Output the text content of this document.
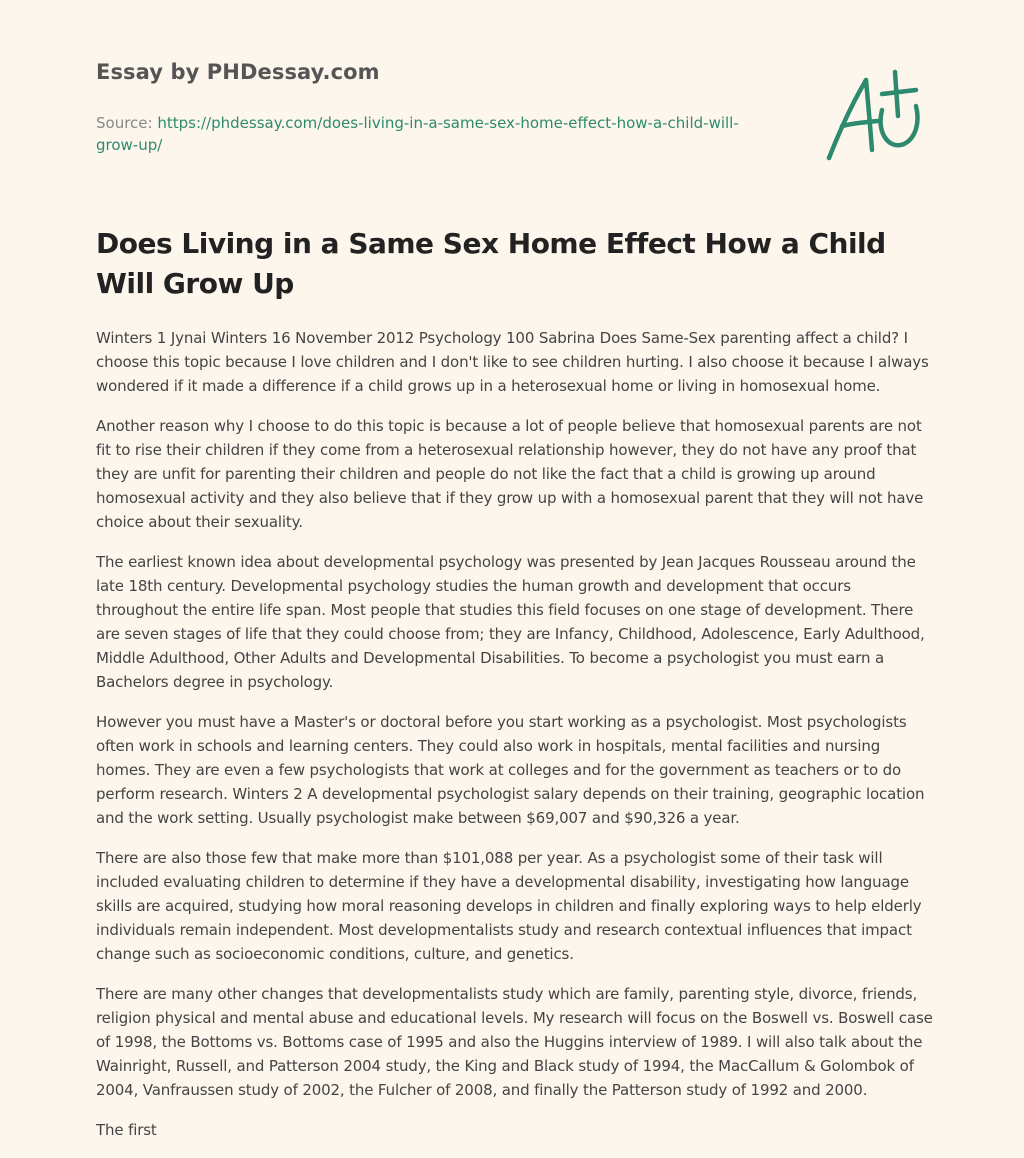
Essay by PHDessay.com
Source: https://phdessay.com/does-living-in-a-same-sex-home-effect-how-a-child-will-grow-up/
Does Living in a Same Sex Home Effect How a Child Will Grow Up

Winters 1 Jynai Winters 16 November 2012 Psychology 100 Sabrina Does Same-Sex parenting affect a child? I choose this topic because I love children and I don't like to see children hurting. I also choose it because I always wondered if it made a difference if a child grows up in a heterosexual home or living in homosexual home.

Another reason why I choose to do this topic is because a lot of people believe that homosexual parents are not fit to rise their children if they come from a heterosexual relationship however, they do not have any proof that they are unfit for parenting their children and people do not like the fact that a child is growing up around homosexual activity and they also believe that if they grow up with a homosexual parent that they will not have choice about their sexuality.

The earliest known idea about developmental psychology was presented by Jean Jacques Rousseau around the late 18th century. Developmental psychology studies the human growth and development that occurs throughout the entire life span. Most people that studies this field focuses on one stage of development. There are seven stages of life that they could choose from; they are Infancy, Childhood, Adolescence, Early Adulthood, Middle Adulthood, Other Adults and Developmental Disabilities. To become a psychologist you must earn a Bachelors degree in psychology.

However you must have a Master's or doctoral before you start working as a psychologist. Most psychologists often work in schools and learning centers. They could also work in hospitals, mental facilities and nursing homes. They are even a few psychologists that work at colleges and for the government as teachers or to do perform research. Winters 2 A developmental psychologist salary depends on their training, geographic location and the work setting. Usually psychologist make between $69,007 and $90,326 a year.

There are also those few that make more than $101,088 per year. As a psychologist some of their task will included evaluating children to determine if they have a developmental disability, investigating how language skills are acquired, studying how moral reasoning develops in children and finally exploring ways to help elderly individuals remain independent. Most developmentalists study and research contextual influences that impact change such as socioeconomic conditions, culture, and genetics.

There are many other changes that developmentalists study which are family, parenting style, divorce, friends, religion physical and mental abuse and educational levels. My research will focus on the Boswell vs. Boswell case of 1998, the Bottoms vs. Bottoms case of 1995 and also the Huggins interview of 1989. I will also talk about the Wainright, Russell, and Patterson 2004 study, the King and Black study of 1994, the MacCallum & Golombok of 2004, Vanfraussen study of 2002, the Fulcher of 2008, and finally the Patterson study of 1992 and 2000.

The first
